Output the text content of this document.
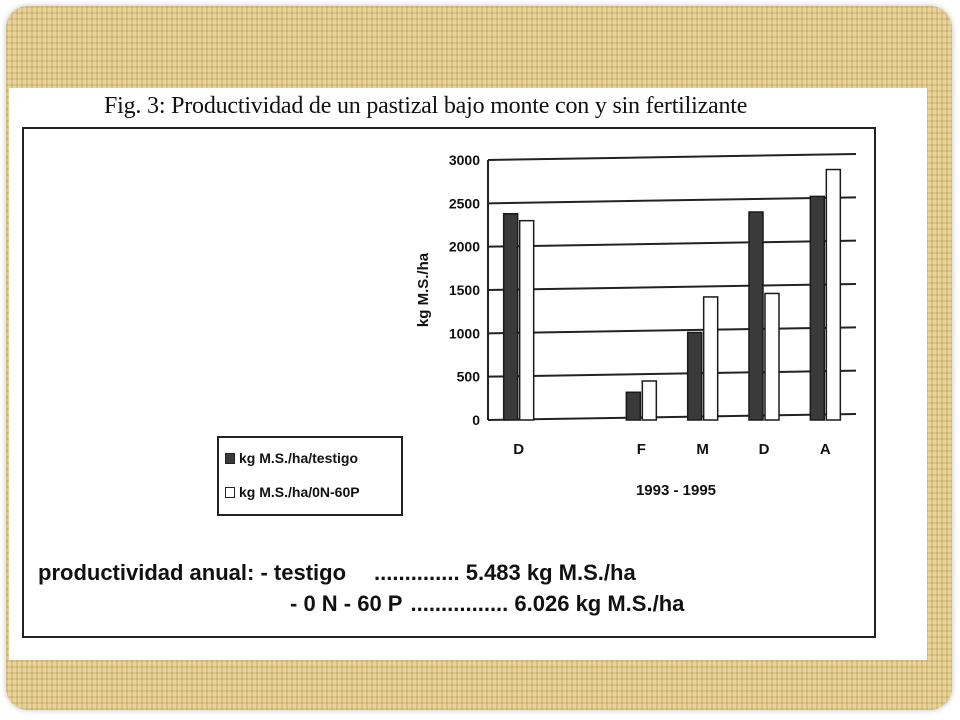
Fig. 3: Productividad de un pastizal bajo monte con y sin fertilizante
kg M.S./ha
1993 - 1995
0
500
1000
1500
2000
2500
3000
D	F	M	D	A
kg M.S./ha/testigo
kg M.S./ha/0N-60P
productividad anual: - testigo .............. 5.483 kg M.S./ha
- 0 N - 60 P ................ 6.026 kg M.S./ha
